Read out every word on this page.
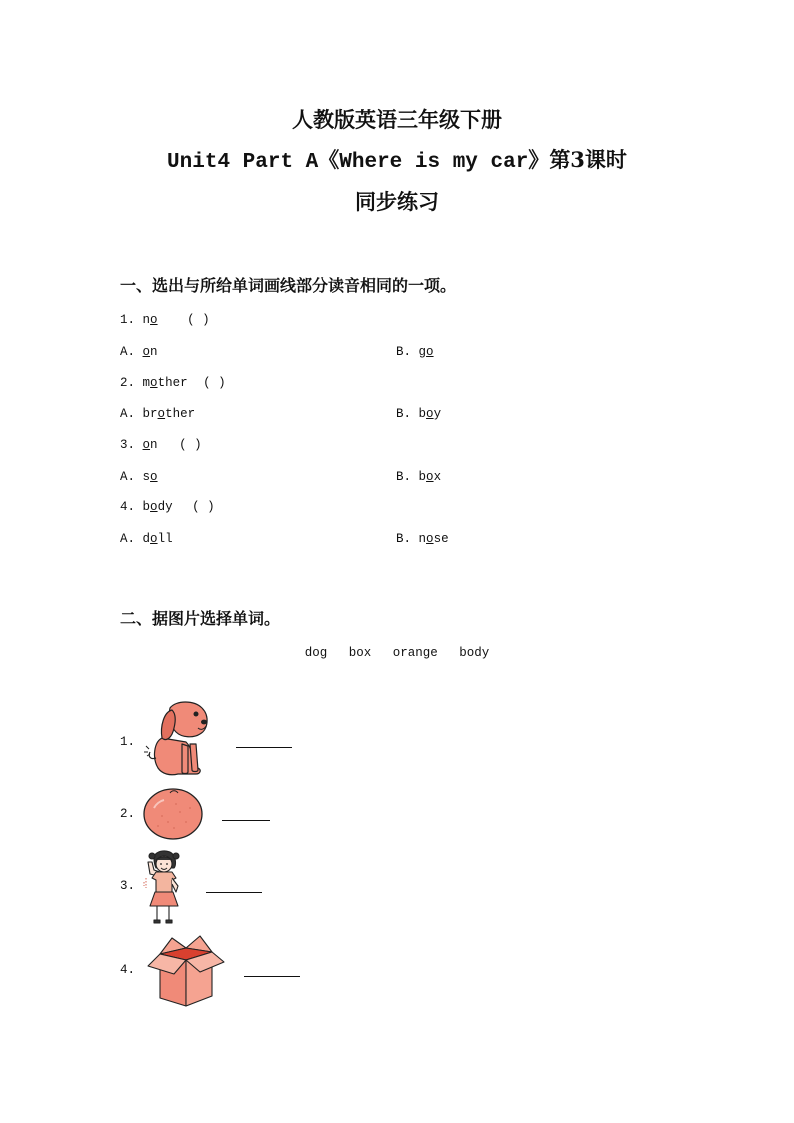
人教版英语三年级下册
Unit4 Part A《Where is my car》第3课时
同步练习
一、选出与所给单词画线部分读音相同的一项。
1. no ( )
A. on	B. go
2. mother ( )
A. brother	B. boy
3. on ( )
A. so	B. box
4. body ( )
A. doll	B. nose
二、据图片选择单词。
dog box orange body
1.
2.
3.
4.
